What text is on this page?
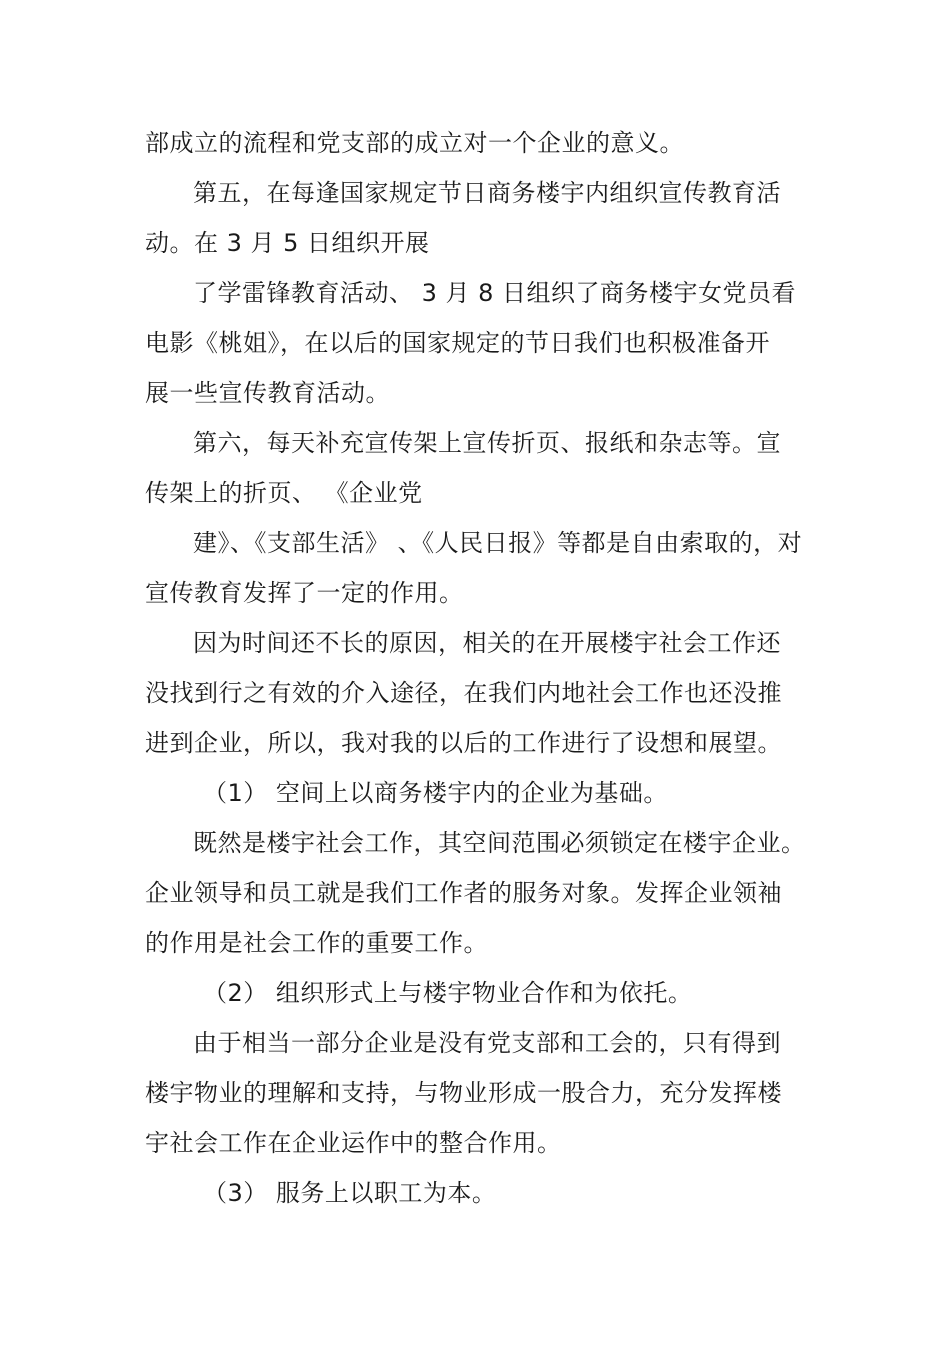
部成立的流程和党支部的成立对一个企业的意义。
第五，在每逢国家规定节日商务楼宇内组织宣传教育活
动。在 3 月 5 日组织开展
了学雷锋教育活动、 3 月 8 日组织了商务楼宇女党员看
电影《桃姐》，在以后的国家规定的节日我们也积极准备开
展一些宣传教育活动。
第六，每天补充宣传架上宣传折页、报纸和杂志等。宣
传架上的折页、 《企业党
建》、《支部生活》 、《人民日报》等都是自由索取的，对
宣传教育发挥了一定的作用。
因为时间还不长的原因，相关的在开展楼宇社会工作还
没找到行之有效的介入途径，在我们内地社会工作也还没推
进到企业，所以，我对我的以后的工作进行了设想和展望。
（1） 空间上以商务楼宇内的企业为基础。
既然是楼宇社会工作，其空间范围必须锁定在楼宇企业。
企业领导和员工就是我们工作者的服务对象。发挥企业领袖
的作用是社会工作的重要工作。
（2） 组织形式上与楼宇物业合作和为依托。
由于相当一部分企业是没有党支部和工会的，只有得到
楼宇物业的理解和支持，与物业形成一股合力，充分发挥楼
宇社会工作在企业运作中的整合作用。
（3） 服务上以职工为本。
